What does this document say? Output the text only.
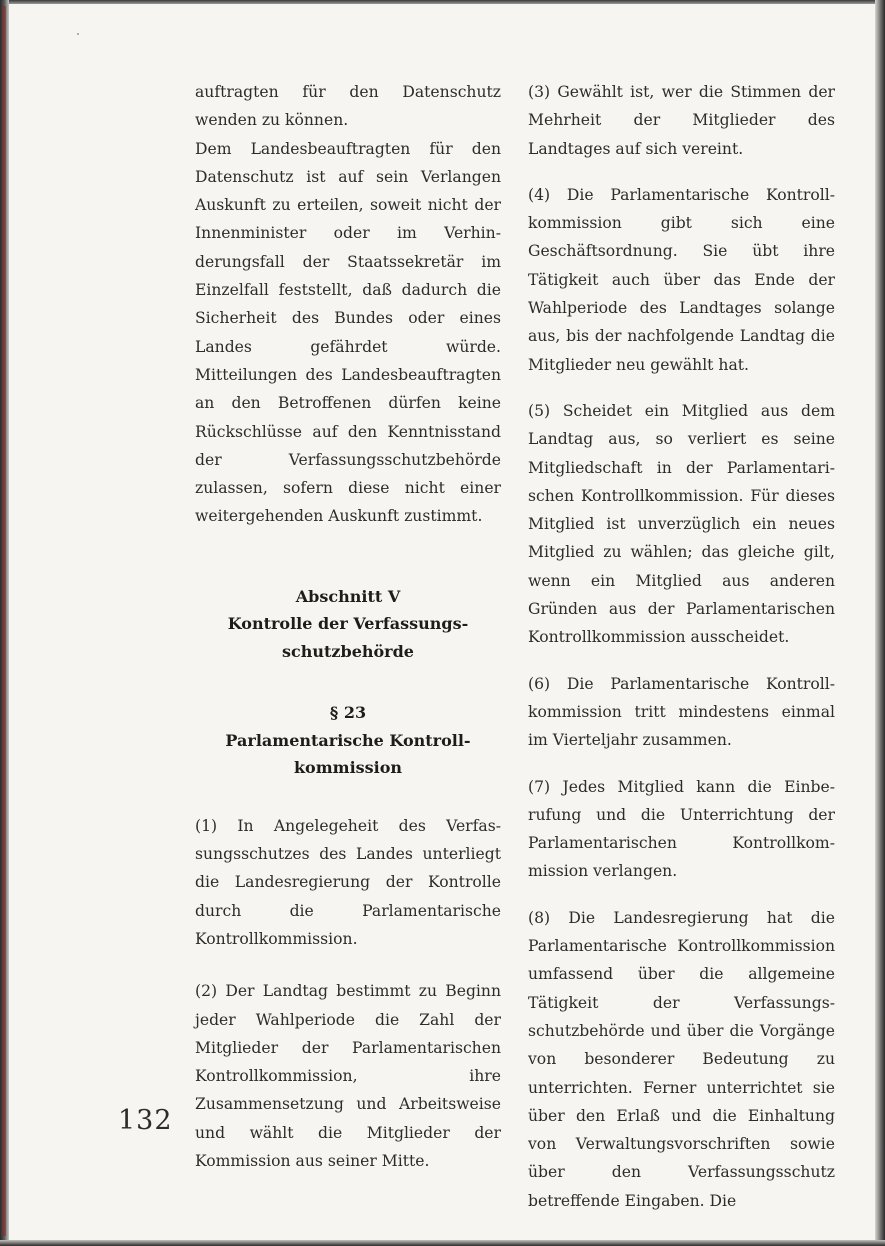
auftragten für den Datenschutz wenden zu können.

Dem Landesbeauftragten für den Datenschutz ist auf sein Verlangen Auskunft zu erteilen, soweit nicht der Innenminister oder im Verhinderungsfall der Staatssekretär im Einzelfall feststellt, daß dadurch die Sicherheit des Bundes oder eines Landes gefährdet würde. Mitteilungen des Landesbeauftragten an den Betroffenen dürfen keine Rückschlüsse auf den Kenntnisstand der Verfassungsschutzbehörde zulassen, sofern diese nicht einer weitergehenden Auskunft zustimmt.

Abschnitt V
Kontrolle der Verfassungs-
schutzbehörde
§ 23
Parlamentarische Kontroll-
kommission

(1) In Angelegeheit des Verfassungsschutzes des Landes unterliegt die Landesregierung der Kontrolle durch die Parlamentarische Kontrollkommission.

(2) Der Landtag bestimmt zu Beginn jeder Wahlperiode die Zahl der Mitglieder der Parlamentarischen Kontrollkommission, ihre Zusammensetzung und Arbeitsweise und wählt die Mitglieder der Kommission aus seiner Mitte.

(3) Gewählt ist, wer die Stimmen der Mehrheit der Mitglieder des Landtages auf sich vereint.

(4) Die Parlamentarische Kontrollkommission gibt sich eine Geschäftsordnung. Sie übt ihre Tätigkeit auch über das Ende der Wahlperiode des Landtages solange aus, bis der nachfolgende Landtag die Mitglieder neu gewählt hat.

(5) Scheidet ein Mitglied aus dem Landtag aus, so verliert es seine Mitgliedschaft in der Parlamentarischen Kontrollkommission. Für dieses Mitglied ist unverzüglich ein neues Mitglied zu wählen; das gleiche gilt, wenn ein Mitglied aus anderen Gründen aus der Parlamentarischen Kontrollkommission ausscheidet.

(6) Die Parlamentarische Kontrollkommission tritt mindestens einmal im Vierteljahr zusammen.

(7) Jedes Mitglied kann die Einberufung und die Unterrichtung der Parlamentarischen Kontrollkommission verlangen.

(8) Die Landesregierung hat die Parlamentarische Kontrollkommission umfassend über die allgemeine Tätigkeit der Verfassungsschutzbehörde und über die Vorgänge von besonderer Bedeutung zu unterrichten. Ferner unterrichtet sie über den Erlaß und die Einhaltung von Verwaltungsvorschriften sowie über den Verfassungsschutz betreffende Eingaben. Die

132
